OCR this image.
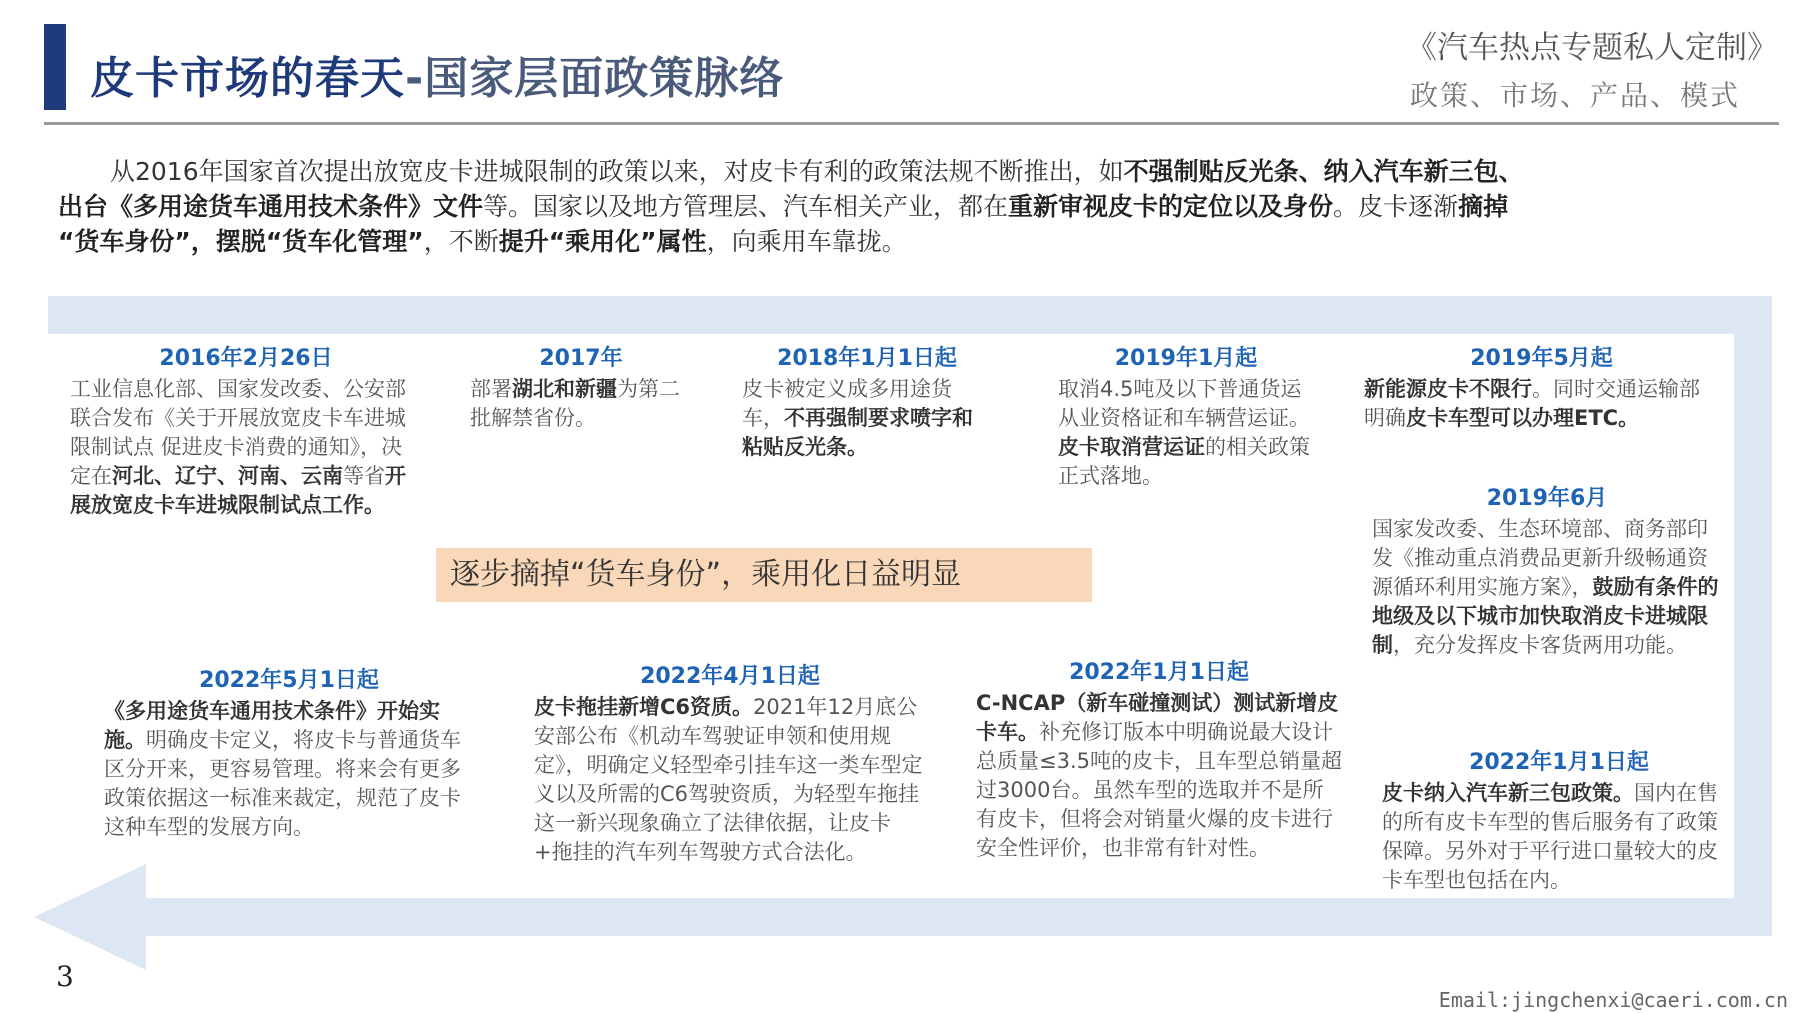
皮卡市场的春天-国家层面政策脉络
《汽车热点专题私人定制》
政策、市场、产品、模式

从2016年国家首次提出放宽皮卡进城限制的政策以来，对皮卡有利的政策法规不断推出，如不强制贴反光条、纳入汽车新三包、

出台《多用途货车通用技术条件》文件等。国家以及地方管理层、汽车相关产业，都在重新审视皮卡的定位以及身份。皮卡逐渐摘掉

“货车身份”，摆脱“货车化管理”，不断提升“乘用化”属性，向乘用车靠拢。

2016年2月26日
工业信息化部、国家发改委、公安部联合发布《关于开展放宽皮卡车进城限制试点 促进皮卡消费的通知》，决定在河北、辽宁、河南、云南等省开展放宽皮卡车进城限制试点工作。
2017年
部署湖北和新疆为第二批解禁省份。
2018年1月1日起
皮卡被定义成多用途货车，不再强制要求喷字和粘贴反光条。
2019年1月起
取消4.5吨及以下普通货运从业资格证和车辆营运证。皮卡取消营运证的相关政策正式落地。
2019年5月起
新能源皮卡不限行。同时交通运输部明确皮卡车型可以办理ETC。
2019年6月
国家发改委、生态环境部、商务部印发《推动重点消费品更新升级畅通资源循环利用实施方案》，鼓励有条件的地级及以下城市加快取消皮卡进城限制，充分发挥皮卡客货两用功能。
逐步摘掉“货车身份”，乘用化日益明显
2022年5月1日起
《多用途货车通用技术条件》开始实施。明确皮卡定义，将皮卡与普通货车区分开来，更容易管理。将来会有更多政策依据这一标准来裁定，规范了皮卡这种车型的发展方向。
2022年4月1日起
皮卡拖挂新增C6资质。2021年12月底公安部公布《机动车驾驶证申领和使用规定》，明确定义轻型牵引挂车这一类车型定义以及所需的C6驾驶资质，为轻型车拖挂这一新兴现象确立了法律依据，让皮卡+拖挂的汽车列车驾驶方式合法化。
2022年1月1日起
C-NCAP（新车碰撞测试）测试新增皮卡车。补充修订版本中明确说最大设计总质量≤3.5吨的皮卡，且车型总销量超过3000台。虽然车型的选取并不是所有皮卡，但将会对销量火爆的皮卡进行安全性评价，也非常有针对性。
2022年1月1日起
皮卡纳入汽车新三包政策。国内在售的所有皮卡车型的售后服务有了政策保障。另外对于平行进口量较大的皮卡车型也包括在内。
3
Email:jingchenxi@caeri.com.cn
